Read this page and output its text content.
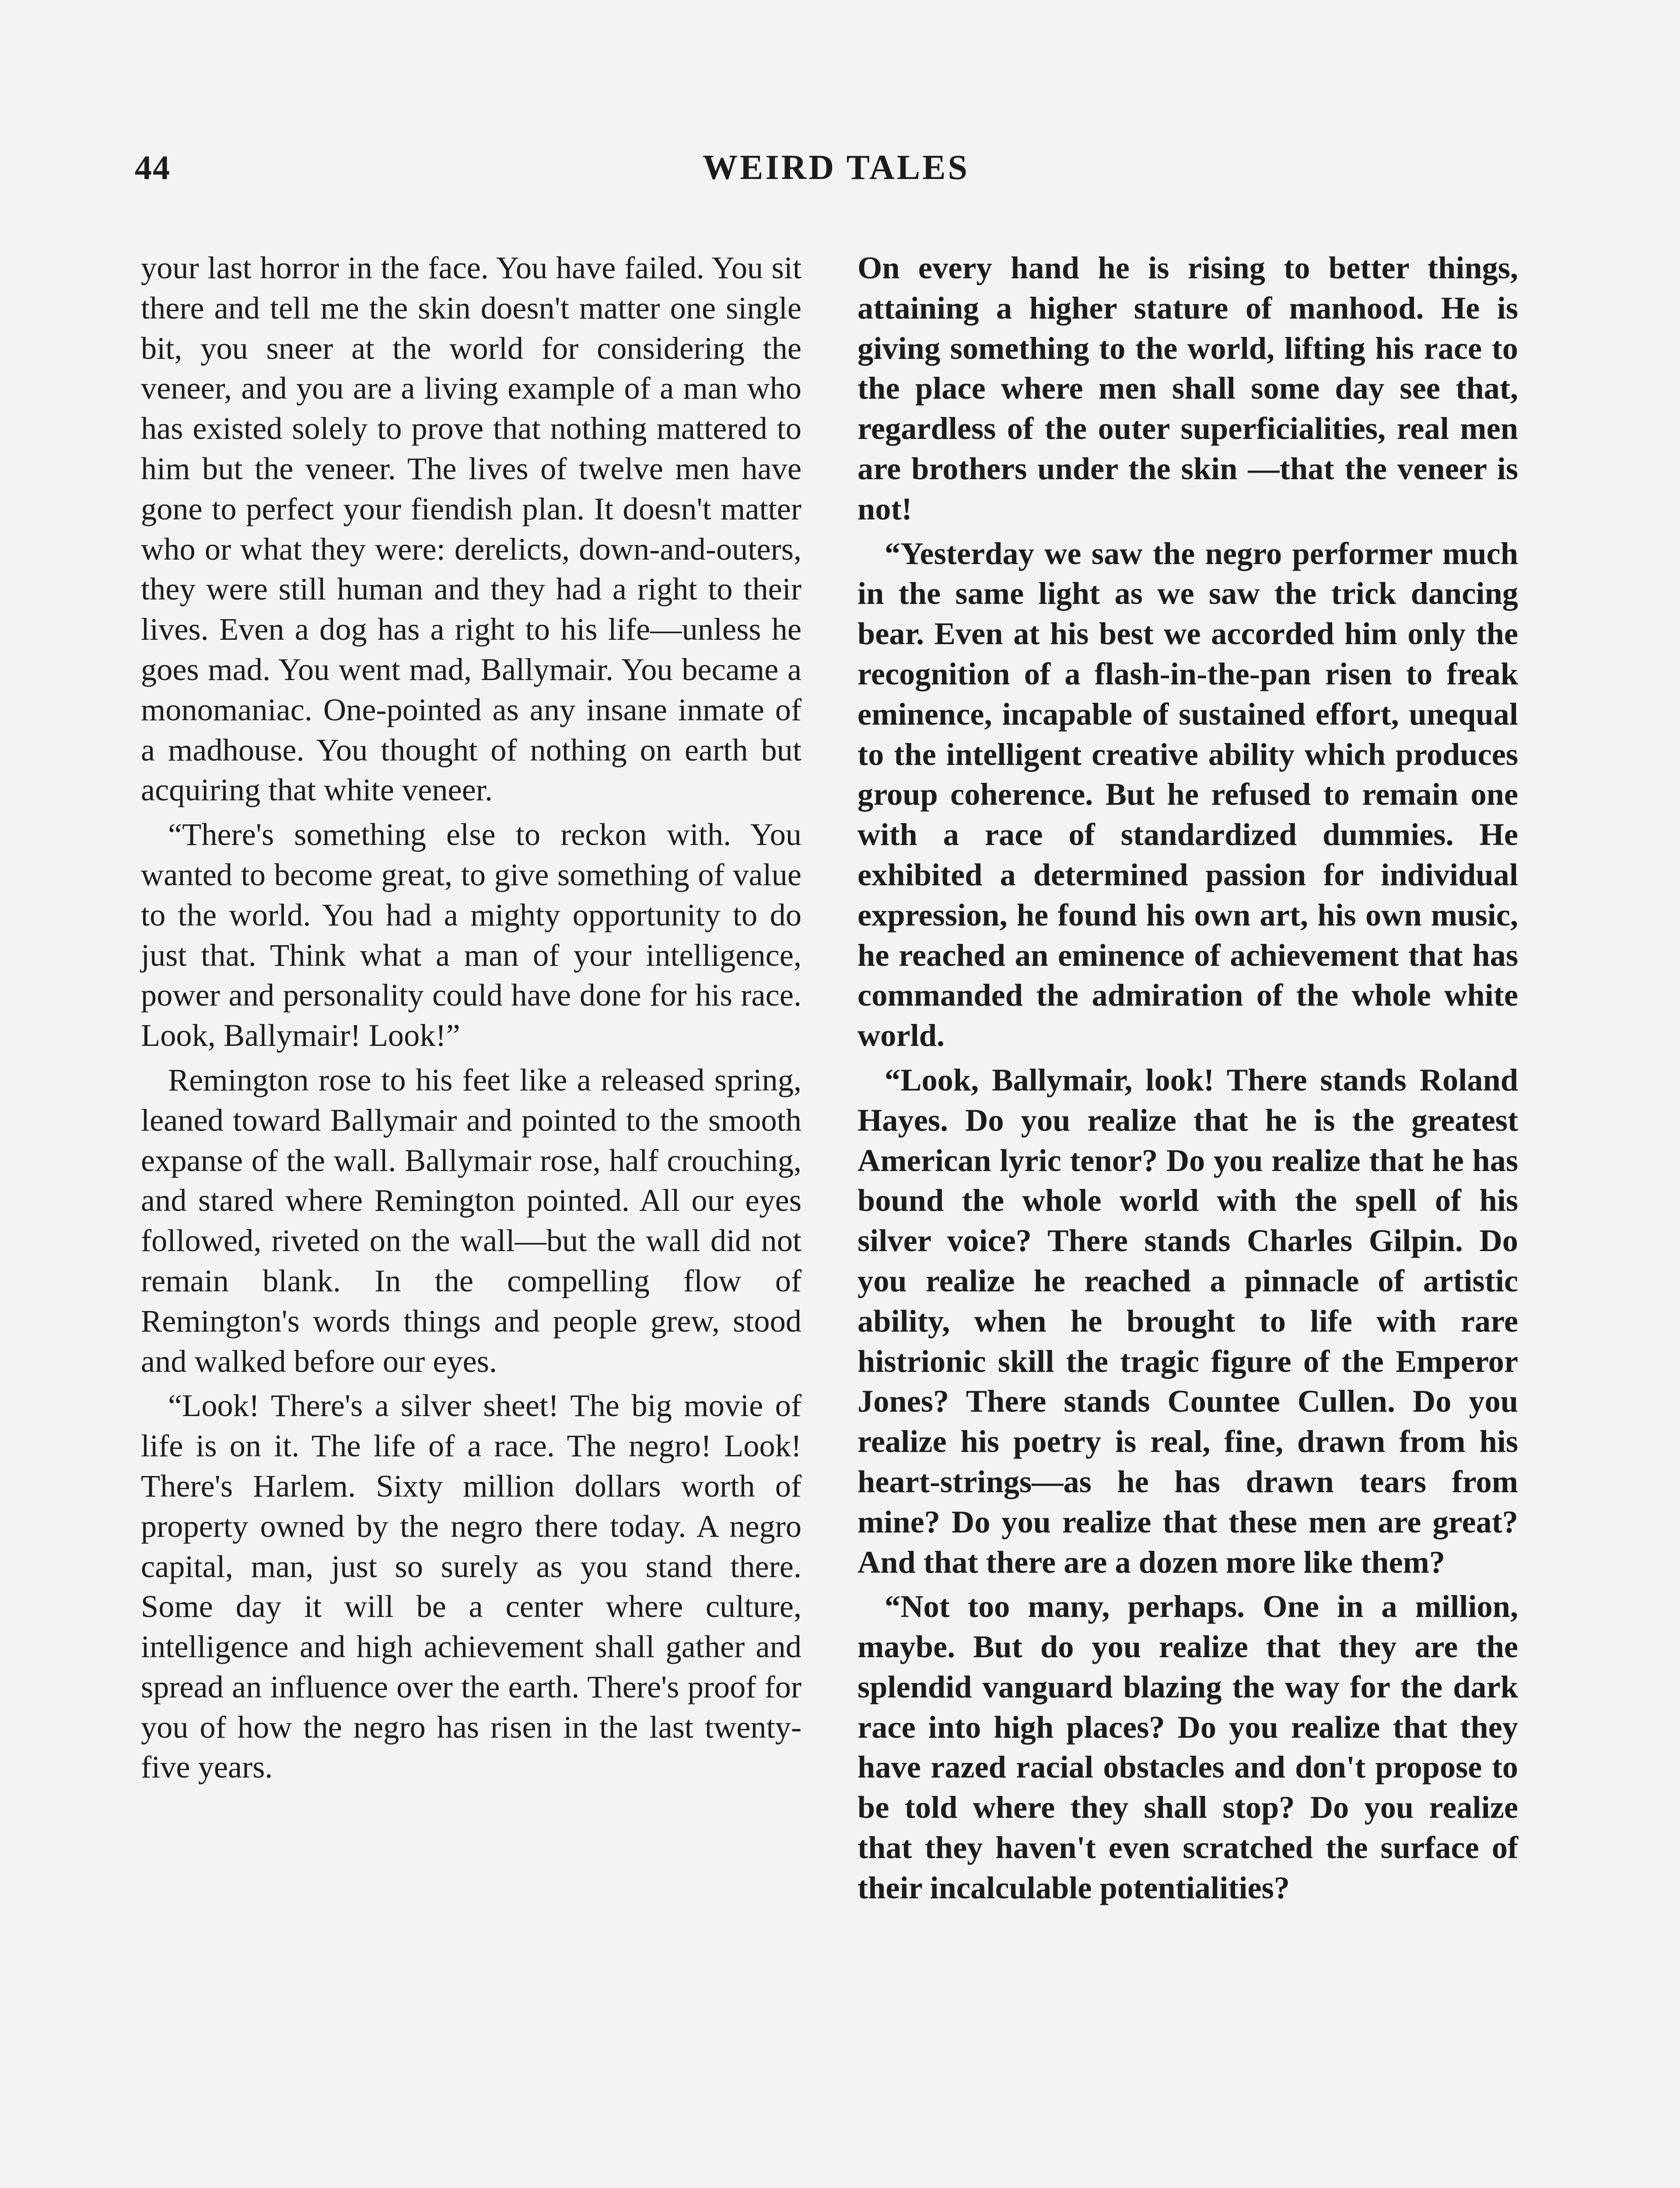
44	WEIRD TALES

your last horror in the face. You have failed. You sit there and tell me the skin doesn't matter one single bit, you sneer at the world for considering the veneer, and you are a living example of a man who has existed solely to prove that nothing mattered to him but the veneer. The lives of twelve men have gone to perfect your fiendish plan. It doesn't matter who or what they were: derelicts, down-and-outers, they were still human and they had a right to their lives. Even a dog has a right to his life—unless he goes mad. You went mad, Ballymair. You became a monomaniac. One-pointed as any insane inmate of a madhouse. You thought of nothing on earth but acquiring that white veneer.

“There's something else to reckon with. You wanted to become great, to give something of value to the world. You had a mighty opportunity to do just that. Think what a man of your intelligence, power and personality could have done for his race. Look, Ballymair! Look!”

Remington rose to his feet like a released spring, leaned toward Ballymair and pointed to the smooth expanse of the wall. Ballymair rose, half crouching, and stared where Remington pointed. All our eyes followed, riveted on the wall—but the wall did not remain blank. In the compelling flow of Remington's words things and people grew, stood and walked before our eyes.

“Look! There's a silver sheet! The big movie of life is on it. The life of a race. The negro! Look! There's Harlem. Sixty million dollars worth of property owned by the negro there today. A negro capital, man, just so surely as you stand there. Some day it will be a center where culture, intelligence and high achievement shall gather and spread an influence over the earth. There's proof for you of how the negro has risen in the last twenty-five years.

On every hand he is rising to better things, attaining a higher stature of manhood. He is giving something to the world, lifting his race to the place where men shall some day see that, regardless of the outer superficialities, real men are brothers under the skin —that the veneer is not!

“Yesterday we saw the negro performer much in the same light as we saw the trick dancing bear. Even at his best we accorded him only the recognition of a flash-in-the-pan risen to freak eminence, incapable of sustained effort, unequal to the intelligent creative ability which produces group coherence. But he refused to remain one with a race of standardized dummies. He exhibited a determined passion for individual expression, he found his own art, his own music, he reached an eminence of achievement that has commanded the admiration of the whole white world.

“Look, Ballymair, look! There stands Roland Hayes. Do you realize that he is the greatest American lyric tenor? Do you realize that he has bound the whole world with the spell of his silver voice? There stands Charles Gilpin. Do you realize he reached a pinnacle of artistic ability, when he brought to life with rare histrionic skill the tragic figure of the Emperor Jones? There stands Countee Cullen. Do you realize his poetry is real, fine, drawn from his heart-strings—as he has drawn tears from mine? Do you realize that these men are great? And that there are a dozen more like them?

“Not too many, perhaps. One in a million, maybe. But do you realize that they are the splendid vanguard blazing the way for the dark race into high places? Do you realize that they have razed racial obstacles and don't propose to be told where they shall stop? Do you realize that they haven't even scratched the surface of their incalculable potentialities?
